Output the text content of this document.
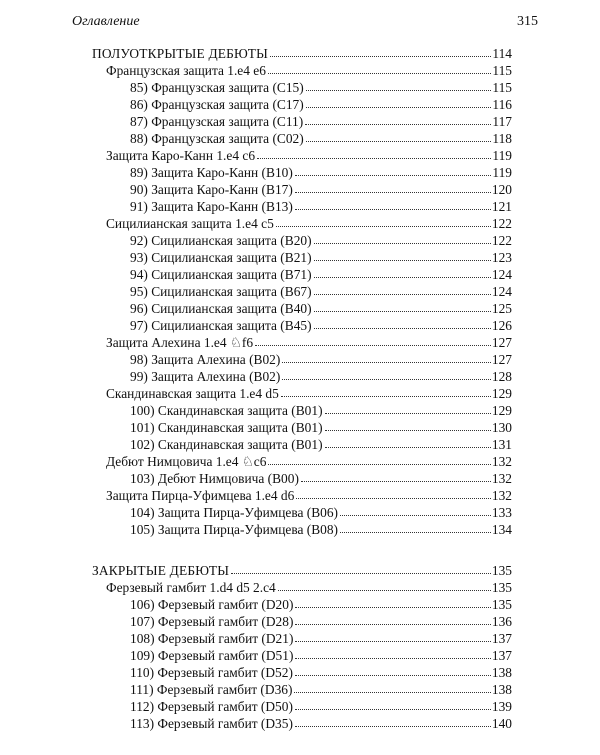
Оглавление	315
ПОЛУОТКРЫТЫЕ ДЕБЮТЫ	114
Французская защита 1.e4 e6	115
85) Французская защита (C15)	115
86) Французская защита (C17)	116
87) Французская защита (C11)	117
88) Французская защита (C02)	118
Защита Каро-Канн 1.e4 c6	119
89) Защита Каро-Канн (B10)	119
90) Защита Каро-Канн (B17)	120
91) Защита Каро-Канн (B13)	121
Сицилианская защита 1.e4 c5	122
92) Сицилианская защита (B20)	122
93) Сицилианская защита (B21)	123
94) Сицилианская защита (B71)	124
95) Сицилианская защита (B67)	124
96) Сицилианская защита (B40)	125
97) Сицилианская защита (B45)	126
Защита Алехина 1.e4 ♘f6	127
98) Защита Алехина (B02)	127
99) Защита Алехина (B02)	128
Скандинавская защита 1.e4 d5	129
100) Скандинавская защита (B01)	129
101) Скандинавская защита (B01)	130
102) Скандинавская защита (B01)	131
Дебют Нимцовича 1.e4 ♘c6	132
103) Дебют Нимцовича (B00)	132
Защита Пирца-Уфимцева 1.e4 d6	132
104) Защита Пирца-Уфимцева (B06)	133
105) Защита Пирца-Уфимцева (B08)	134
ЗАКРЫТЫЕ ДЕБЮТЫ	135
Ферзевый гамбит 1.d4 d5 2.c4	135
106) Ферзевый гамбит (D20)	135
107) Ферзевый гамбит (D28)	136
108) Ферзевый гамбит (D21)	137
109) Ферзевый гамбит (D51)	137
110) Ферзевый гамбит (D52)	138
111) Ферзевый гамбит (D36)	138
112) Ферзевый гамбит (D50)	139
113) Ферзевый гамбит (D35)	140
